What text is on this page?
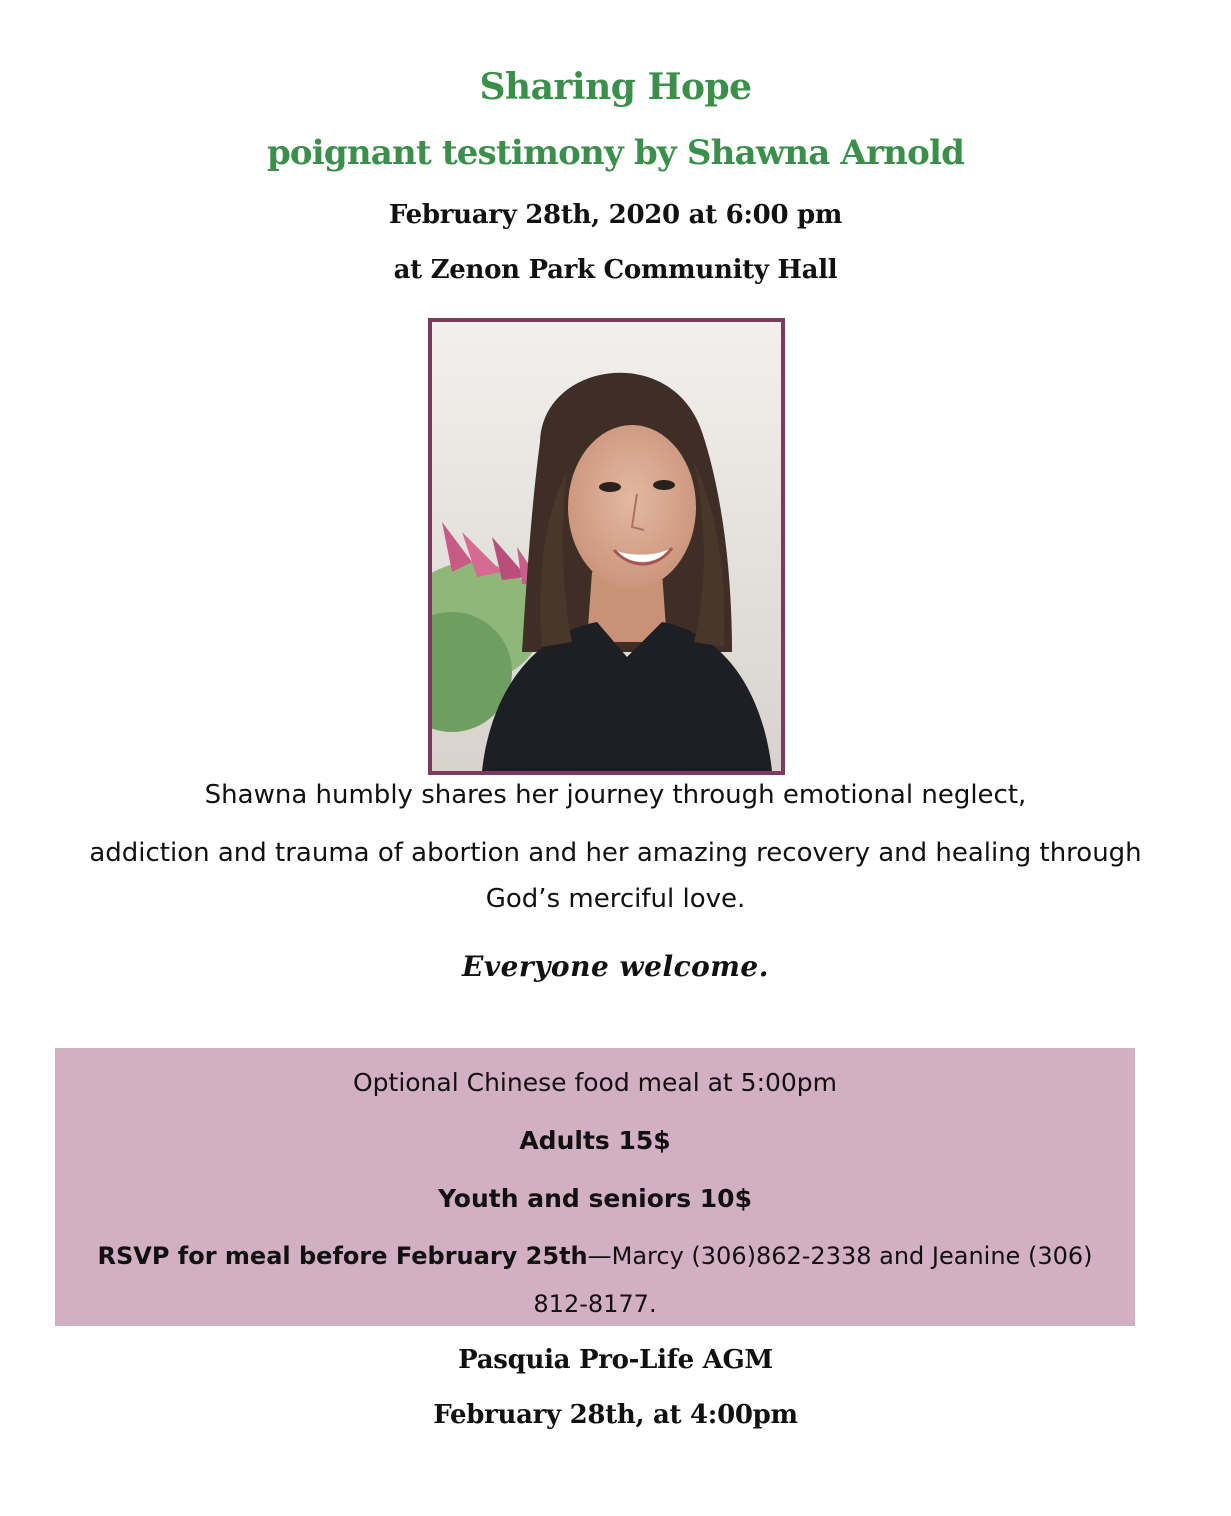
Sharing Hope
poignant testimony by Shawna Arnold
February 28th, 2020 at 6:00 pm
at Zenon Park Community Hall
Shawna humbly shares her journey through emotional neglect,
addiction and trauma of abortion and her amazing recovery and healing through
God’s merciful love.
Everyone welcome.
Optional Chinese food meal at 5:00pm
Adults 15$
Youth and seniors 10$
RSVP for meal before February 25th—Marcy (306)862-2338 and Jeanine (306)
812-8177.
Pasquia Pro-Life AGM
February 28th, at 4:00pm
